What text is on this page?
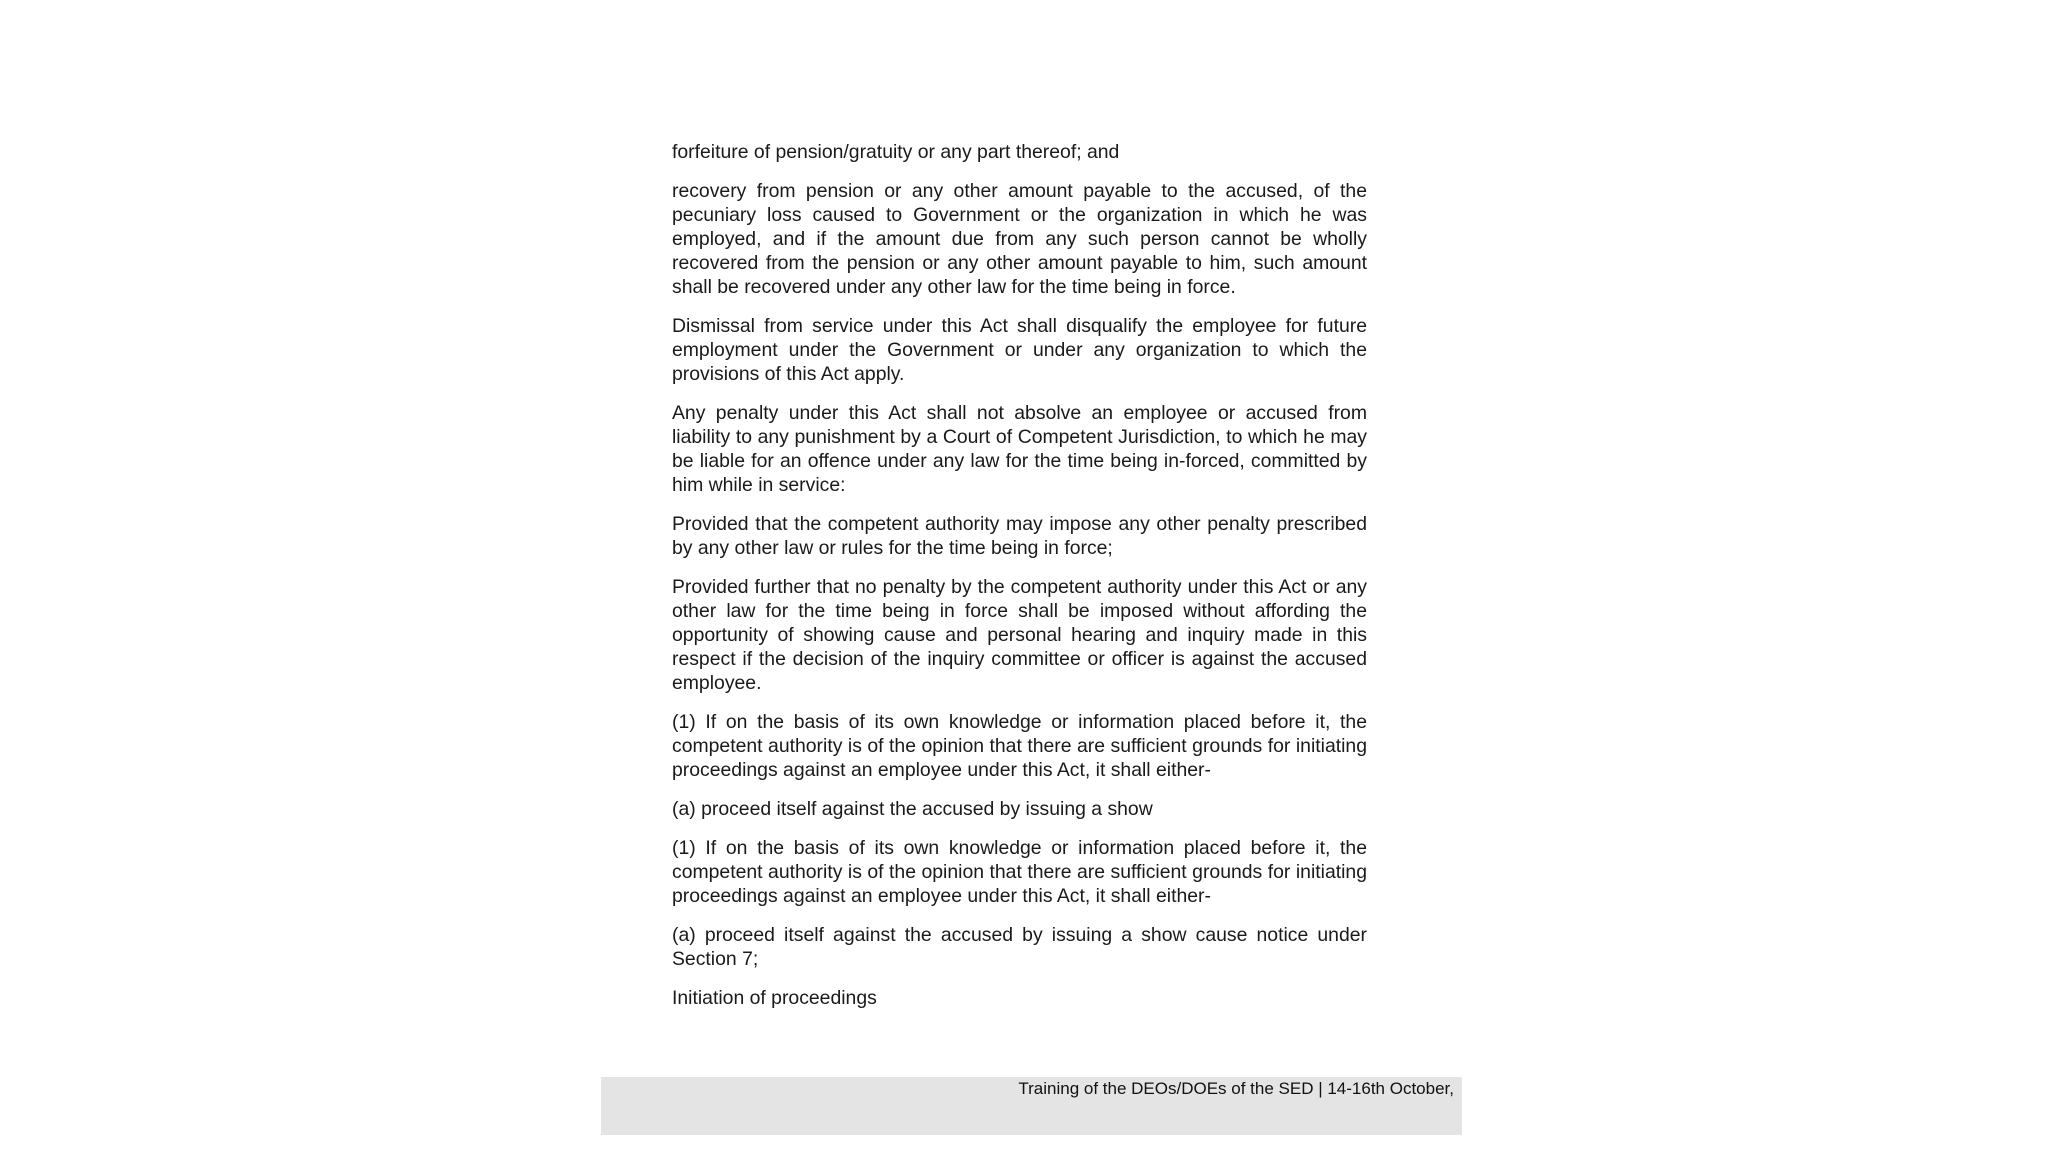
forfeiture of pension/gratuity or any part thereof; and

recovery from pension or any other amount payable to the accused, of the pecuniary loss caused to Government or the organization in which he was employed, and if the amount due from any such person cannot be wholly recovered from the pension or any other amount payable to him, such amount shall be recovered under any other law for the time being in force.

Dismissal from service under this Act shall disqualify the employee for future employment under the Government or under any organization to which the provisions of this Act apply.

Any penalty under this Act shall not absolve an employee or accused from liability to any punishment by a Court of Competent Jurisdiction, to which he may be liable for an offence under any law for the time being in-forced, committed by him while in service:

Provided that the competent authority may impose any other penalty prescribed by any other law or rules for the time being in force;

Provided further that no penalty by the competent authority under this Act or any other law for the time being in force shall be imposed without affording the opportunity of showing cause and personal hearing and inquiry made in this respect if the decision of the inquiry committee or officer is against the accused employee.

(1) If on the basis of its own knowledge or information placed before it, the competent authority is of the opinion that there are sufficient grounds for initiating proceedings against an employee under this Act, it shall either-

(a) proceed itself against the accused by issuing a show

(1) If on the basis of its own knowledge or information placed before it, the competent authority is of the opinion that there are sufficient grounds for initiating proceedings against an employee under this Act, it shall either-

(a) proceed itself against the accused by issuing a show cause notice under Section 7;

Initiation of proceedings

Training of the DEOs/DOEs of the SED | 14-16th October,
